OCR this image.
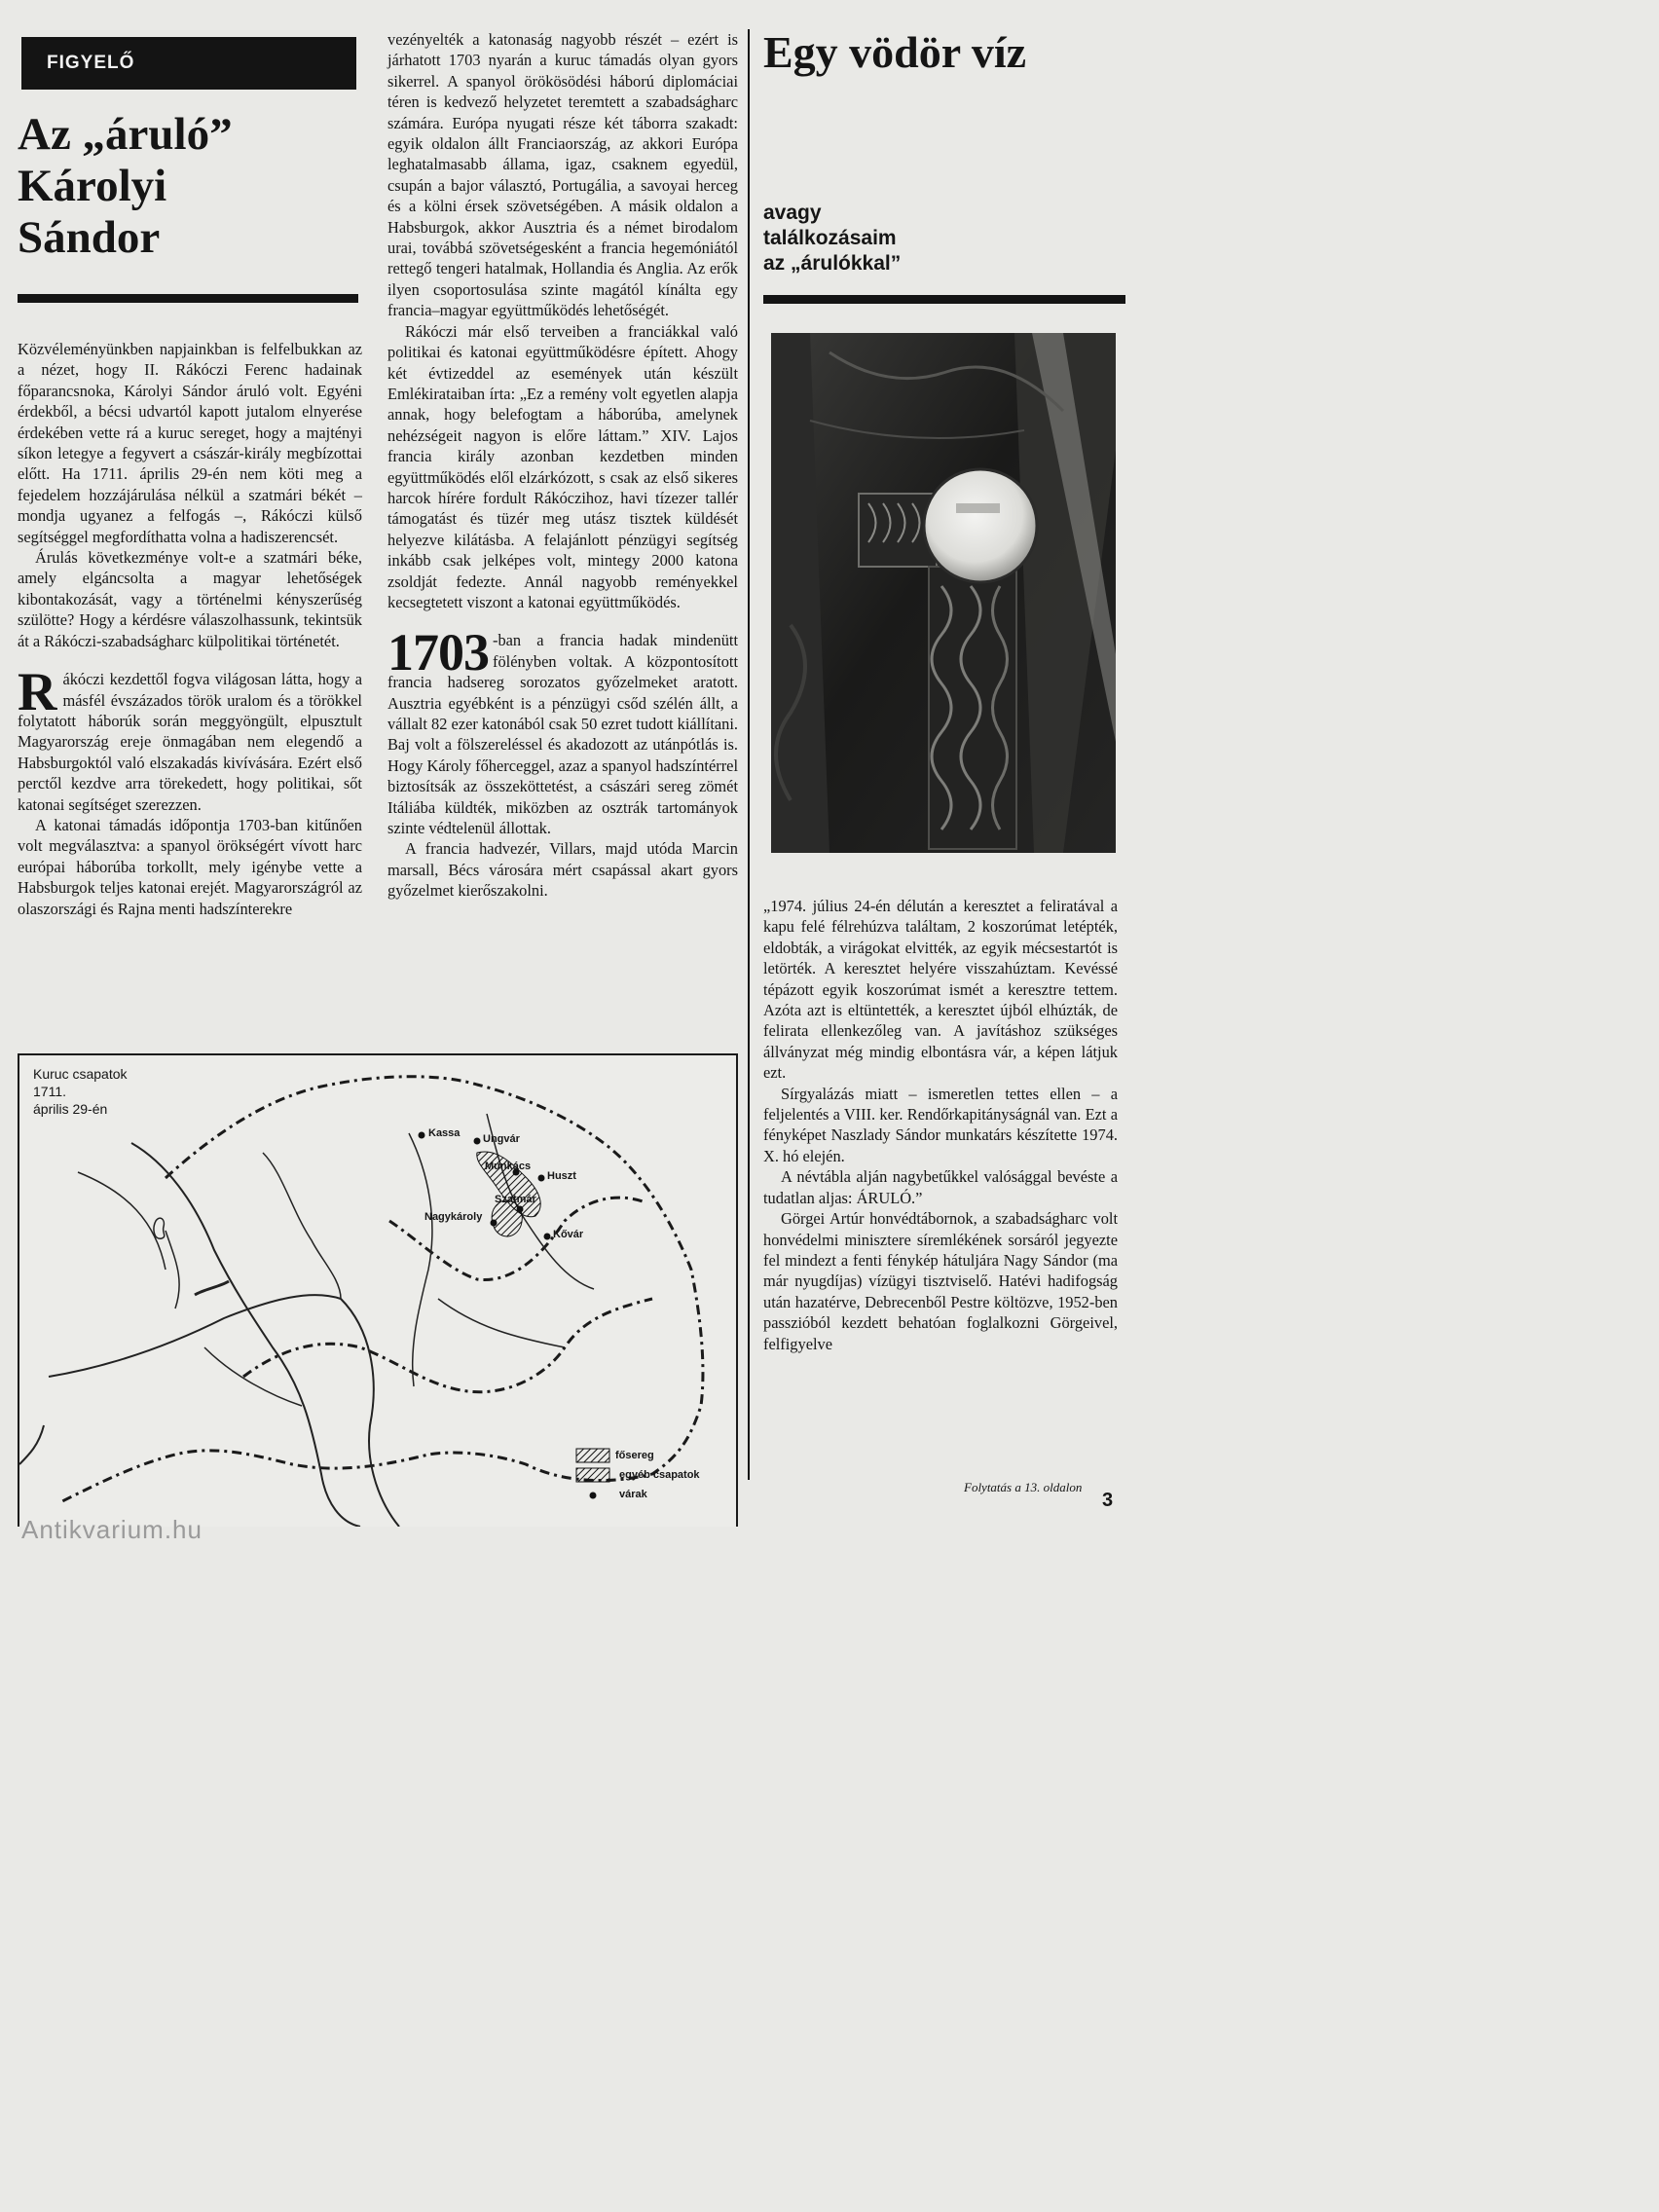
FIGYELŐ
Az „áruló”
Károlyi
Sándor

Közvéleményünkben napjainkban is felfelbukkan az a nézet, hogy II. Rákóczi Ferenc hadainak főparancsnoka, Károlyi Sándor áruló volt. Egyéni érdekből, a bécsi udvartól kapott jutalom elnyerése érdekében vette rá a kuruc sereget, hogy a majtényi síkon letegye a fegyvert a császár-király megbízottai előtt. Ha 1711. április 29-én nem köti meg a fejedelem hozzájárulása nélkül a szatmári békét – mondja ugyanez a felfogás –, Rákóczi külső segítséggel megfordíthatta volna a hadiszerencsét.

Árulás következménye volt-e a szatmári béke, amely elgáncsolta a magyar lehetőségek kibontakozását, vagy a történelmi kényszerűség szülötte? Hogy a kérdésre válaszolhassunk, tekintsük át a Rákóczi-szabadságharc külpolitikai történetét.

Rákóczi kezdettől fogva világosan látta, hogy a másfél évszázados török uralom és a törökkel folytatott háborúk során meggyöngült, elpusztult Magyarország ereje önmagában nem elegendő a Habsburgoktól való elszakadás kivívására. Ezért első perctől kezdve arra törekedett, hogy politikai, sőt katonai segítséget szerezzen.

A katonai támadás időpontja 1703-ban kitűnően volt megválasztva: a spanyol örökségért vívott harc európai háborúba torkollt, mely igénybe vette a Habsburgok teljes katonai erejét. Magyarországról az olaszországi és Rajna menti hadszínterekre

vezényelték a katonaság nagyobb részét – ezért is járhatott 1703 nyarán a kuruc támadás olyan gyors sikerrel. A spanyol örökösödési háború diplomáciai téren is kedvező helyzetet teremtett a szabadságharc számára. Európa nyugati része két táborra szakadt: egyik oldalon állt Franciaország, az akkori Európa leghatalmasabb állama, igaz, csaknem egyedül, csupán a bajor választó, Portugália, a savoyai herceg és a kölni érsek szövetségében. A másik oldalon a Habsburgok, akkor Ausztria és a német birodalom urai, továbbá szövetségesként a francia hegemóniától rettegő tengeri hatalmak, Hollandia és Anglia. Az erők ilyen csoportosulása szinte magától kínálta egy francia–magyar együttműködés lehetőségét.

Rákóczi már első terveiben a franciákkal való politikai és katonai együttműködésre épített. Ahogy két évtizeddel az események után készült Emlékirataiban írta: „Ez a remény volt egyetlen alapja annak, hogy belefogtam a háborúba, amelynek nehézségeit nagyon is előre láttam.” XIV. Lajos francia király azonban kezdetben minden együttműködés elől elzárkózott, s csak az első sikeres harcok hírére fordult Rákóczihoz, havi tízezer tallér támogatást és tüzér meg utász tisztek küldését helyezve kilátásba. A felajánlott pénzügyi segítség inkább csak jelképes volt, mintegy 2000 katona zsoldját fedezte. Annál nagyobb reményekkel kecsegtetett viszont a katonai együttműködés.

1703 -ban a francia hadak mindenütt fölényben voltak. A központosított francia hadsereg sorozatos győzelmeket aratott. Ausztria egyébként is a pénzügyi csőd szélén állt, a vállalt 82 ezer katonából csak 50 ezret tudott kiállítani. Baj volt a fölszereléssel és akadozott az utánpótlás is. Hogy Károly főherceggel, azaz a spanyol hadszíntérrel biztosítsák az összeköttetést, a császári sereg zömét Itáliába küldték, miközben az osztrák tartományok szinte védtelenül állottak.

A francia hadvezér, Villars, majd utóda Marcin marsall, Bécs városára mért csapással akart gyors győzelmet kierőszakolni.

Egy vödör víz
avagy
találkozásaim
az „árulókkal”

„1974. július 24-én délután a keresztet a feliratával a kapu felé félrehúzva találtam, 2 koszorúmat letépték, eldobták, a virágokat elvitték, az egyik mécsestartót is letörték. A keresztet helyére visszahúztam. Kevéssé tépázott egyik koszorúmat ismét a keresztre tettem. Azóta azt is eltüntették, a keresztet újból elhúzták, de felirata ellenkezőleg van. A javításhoz szükséges állványzat még mindig elbontásra vár, a képen látjuk ezt.

Sírgyalázás miatt – ismeretlen tettes ellen – a feljelentés a VIII. ker. Rendőrkapitányságnál van. Ezt a fényképet Naszlady Sándor munkatárs készítette 1974. X. hó elején.

A névtábla alján nagybetűkkel valósággal bevéste a tudatlan aljas: ÁRULÓ.”

Görgei Artúr honvédtábornok, a szabadságharc volt honvédelmi minisztere síremlékének sorsáról jegyezte fel mindezt a fenti fénykép hátuljára Nagy Sándor (ma már nyugdíjas) vízügyi tisztviselő. Hatévi hadifogság után hazatérve, Debrecenből Pestre költözve, 1952-ben passzióból kezdett behatóan foglalkozni Görgeivel, felfigyelve

Folytatás a 13. oldalon
3
Kuruc csapatok
1711.
április 29-én
Kassa Ungvár
Munkács
Huszt
Szatmár
Nagykároly
Kővár
fősereg
egyéb csapatok
várak
Antikvarium.hu
